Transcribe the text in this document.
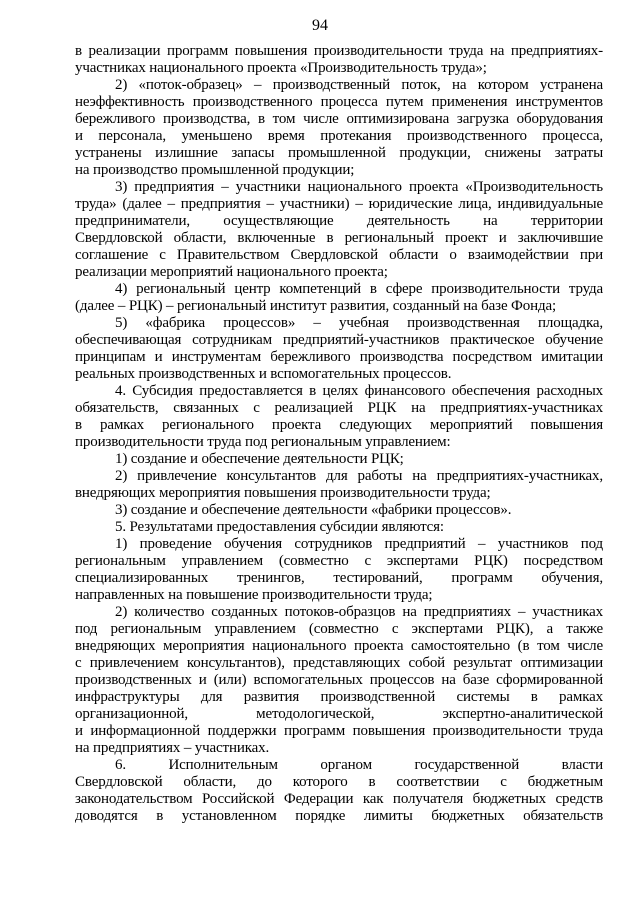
94
в реализации программ повышения производительности труда на предприятиях-
участниках национального проекта «Производительность труда»;
2) «поток-образец» – производственный поток, на котором устранена
неэффективность производственного процесса путем применения инструментов
бережливого производства, в том числе оптимизирована загрузка оборудования
и персонала, уменьшено время протекания производственного процесса,
устранены излишние запасы промышленной продукции, снижены затраты
на производство промышленной продукции;
3) предприятия – участники национального проекта «Производительность
труда» (далее – предприятия – участники) – юридические лица, индивидуальные
предприниматели, осуществляющие деятельность на территории
Свердловской области, включенные в региональный проект и заключившие
соглашение с Правительством Свердловской области о взаимодействии при
реализации мероприятий национального проекта;
4) региональный центр компетенций в сфере производительности труда
(далее – РЦК) – региональный институт развития, созданный на базе Фонда;
5) «фабрика процессов» – учебная производственная площадка,
обеспечивающая сотрудникам предприятий-участников практическое обучение
принципам и инструментам бережливого производства посредством имитации
реальных производственных и вспомогательных процессов.
4. Субсидия предоставляется в целях финансового обеспечения расходных
обязательств, связанных с реализацией РЦК на предприятиях-участниках
в рамках регионального проекта следующих мероприятий повышения
производительности труда под региональным управлением:
1) создание и обеспечение деятельности РЦК;
2) привлечение консультантов для работы на предприятиях-участниках,
внедряющих мероприятия повышения производительности труда;
3) создание и обеспечение деятельности «фабрики процессов».
5. Результатами предоставления субсидии являются:
1) проведение обучения сотрудников предприятий – участников под
региональным управлением (совместно с экспертами РЦК) посредством
специализированных тренингов, тестирований, программ обучения,
направленных на повышение производительности труда;
2) количество созданных потоков-образцов на предприятиях – участниках
под региональным управлением (совместно с экспертами РЦК), а также
внедряющих мероприятия национального проекта самостоятельно (в том числе
с привлечением консультантов), представляющих собой результат оптимизации
производственных и (или) вспомогательных процессов на базе сформированной
инфраструктуры для развития производственной системы в рамках
организационной, методологической, экспертно-аналитической
и информационной поддержки программ повышения производительности труда
на предприятиях – участниках.
6. Исполнительным органом государственной власти
Свердловской области, до которого в соответствии с бюджетным
законодательством Российской Федерации как получателя бюджетных средств
доводятся в установленном порядке лимиты бюджетных обязательств
